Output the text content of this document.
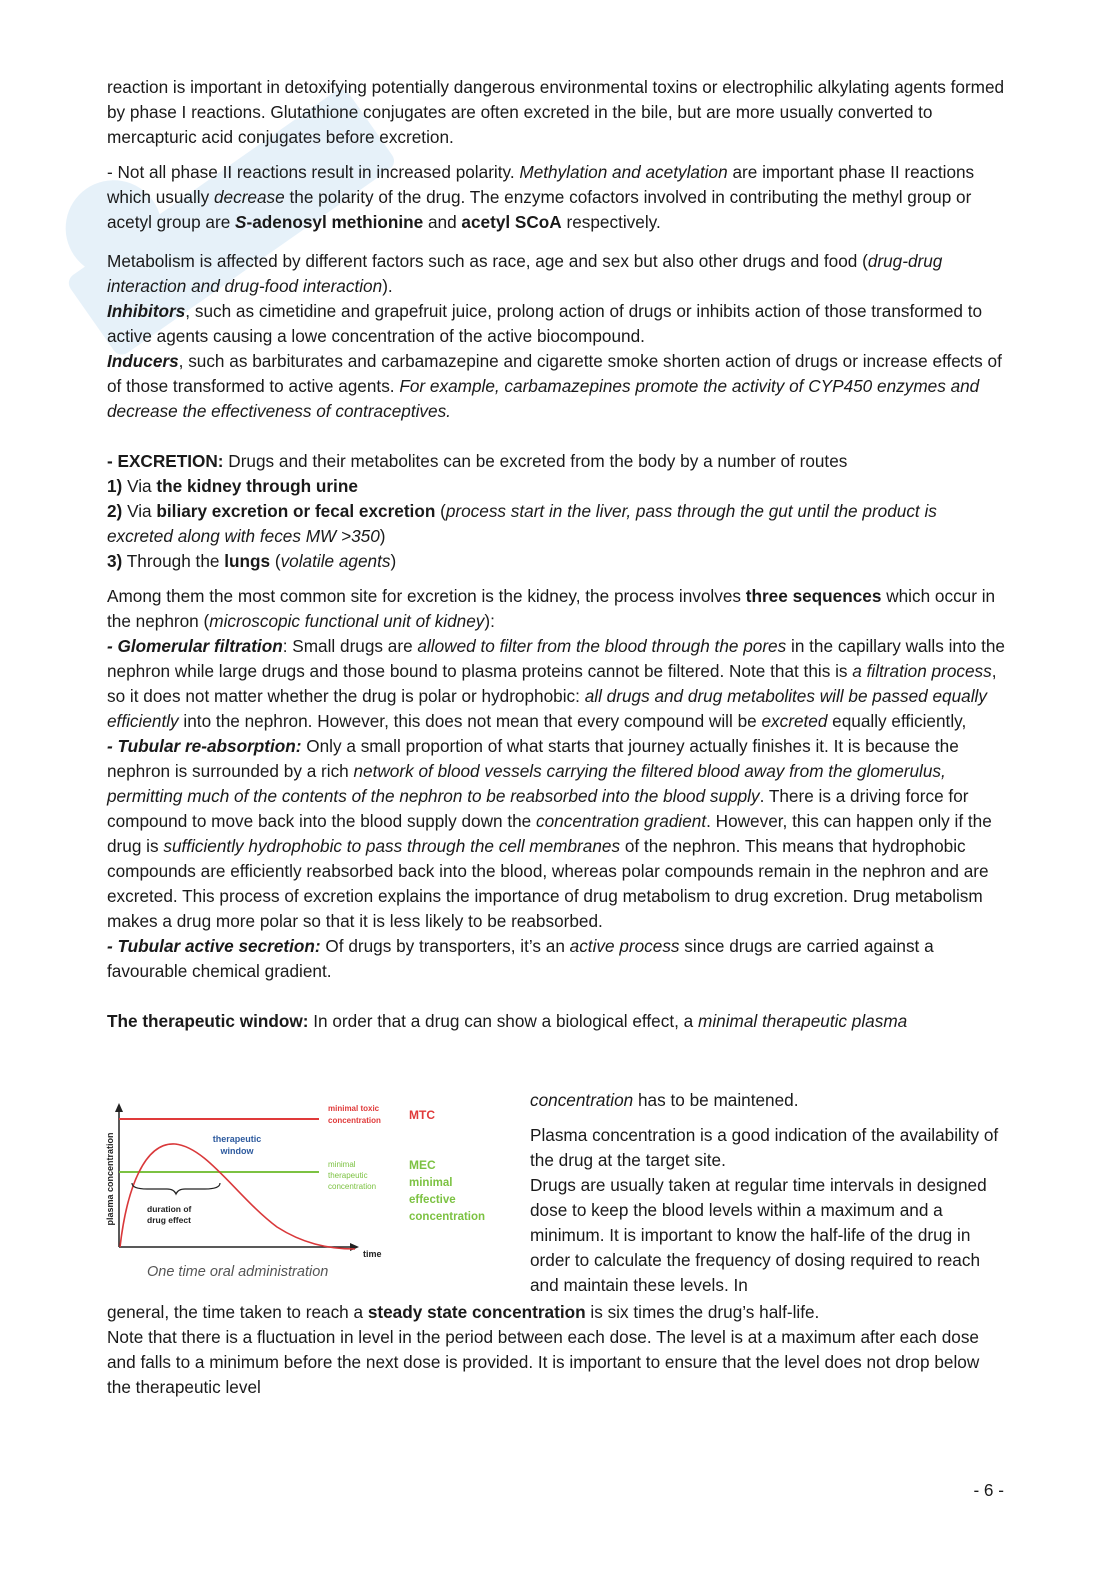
reaction is important in detoxifying potentially dangerous environmental toxins or electrophilic alkylating agents formed by phase I reactions. Glutathione conjugates are often excreted in the bile, but are more usually converted to mercapturic acid conjugates before excretion.

- Not all phase II reactions result in increased polarity. Methylation and acetylation are important phase II reactions which usually decrease the polarity of the drug. The enzyme cofactors involved in contributing the methyl group or acetyl group are S-adenosyl methionine and acetyl SCoA respectively.

Metabolism is affected by different factors such as race, age and sex but also other drugs and food (drug-drug interaction and drug-food interaction).

Inhibitors, such as cimetidine and grapefruit juice, prolong action of drugs or inhibits action of those transformed to active agents causing a lowe concentration of the active biocompound.

Inducers, such as barbiturates and carbamazepine and cigarette smoke shorten action of drugs or increase effects of of those transformed to active agents. For example, carbamazepines promote the activity of CYP450 enzymes and decrease the effectiveness of contraceptives.

- EXCRETION: Drugs and their metabolites can be excreted from the body by a number of routes

1) Via the kidney through urine

2) Via biliary excretion or fecal excretion (process start in the liver, pass through the gut until the product is excreted along with feces MW >350)

3) Through the lungs (volatile agents)

Among them the most common site for excretion is the kidney, the process involves three sequences which occur in the nephron (microscopic functional unit of kidney):

- Glomerular filtration: Small drugs are allowed to filter from the blood through the pores in the capillary walls into the nephron while large drugs and those bound to plasma proteins cannot be filtered. Note that this is a filtration process, so it does not matter whether the drug is polar or hydrophobic: all drugs and drug metabolites will be passed equally efficiently into the nephron. However, this does not mean that every compound will be excreted equally efficiently,

- Tubular re-absorption: Only a small proportion of what starts that journey actually finishes it. It is because the nephron is surrounded by a rich network of blood vessels carrying the filtered blood away from the glomerulus, permitting much of the contents of the nephron to be reabsorbed into the blood supply. There is a driving force for compound to move back into the blood supply down the concentration gradient. However, this can happen only if the drug is sufficiently hydrophobic to pass through the cell membranes of the nephron. This means that hydrophobic compounds are efficiently reabsorbed back into the blood, whereas polar compounds remain in the nephron and are excreted. This process of excretion explains the importance of drug metabolism to drug excretion. Drug metabolism makes a drug more polar so that it is less likely to be reabsorbed.

- Tubular active secretion: Of drugs by transporters, it’s an active process since drugs are carried against a favourable chemical gradient.

The therapeutic window: In order that a drug can show a biological effect, a minimal therapeutic plasma

plasma concentration
time
minimal toxic
concentration MTC
minimal
therapeutic
concentration
MEC
minimal
effective
concentration
therapeutic
window
duration of
drug effect
One time oral administration

concentration has to be maintened.

Plasma concentration is a good indication of the availability of the drug at the target site.

Drugs are usually taken at regular time intervals in designed dose to keep the blood levels within a maximum and a minimum. It is important to know the half-life of the drug in order to calculate the frequency of dosing required to reach and maintain these levels. In

general, the time taken to reach a steady state concentration is six times the drug’s half-life.

Note that there is a fluctuation in level in the period between each dose. The level is at a maximum after each dose and falls to a minimum before the next dose is provided. It is important to ensure that the level does not drop below the therapeutic level

- 6 -
